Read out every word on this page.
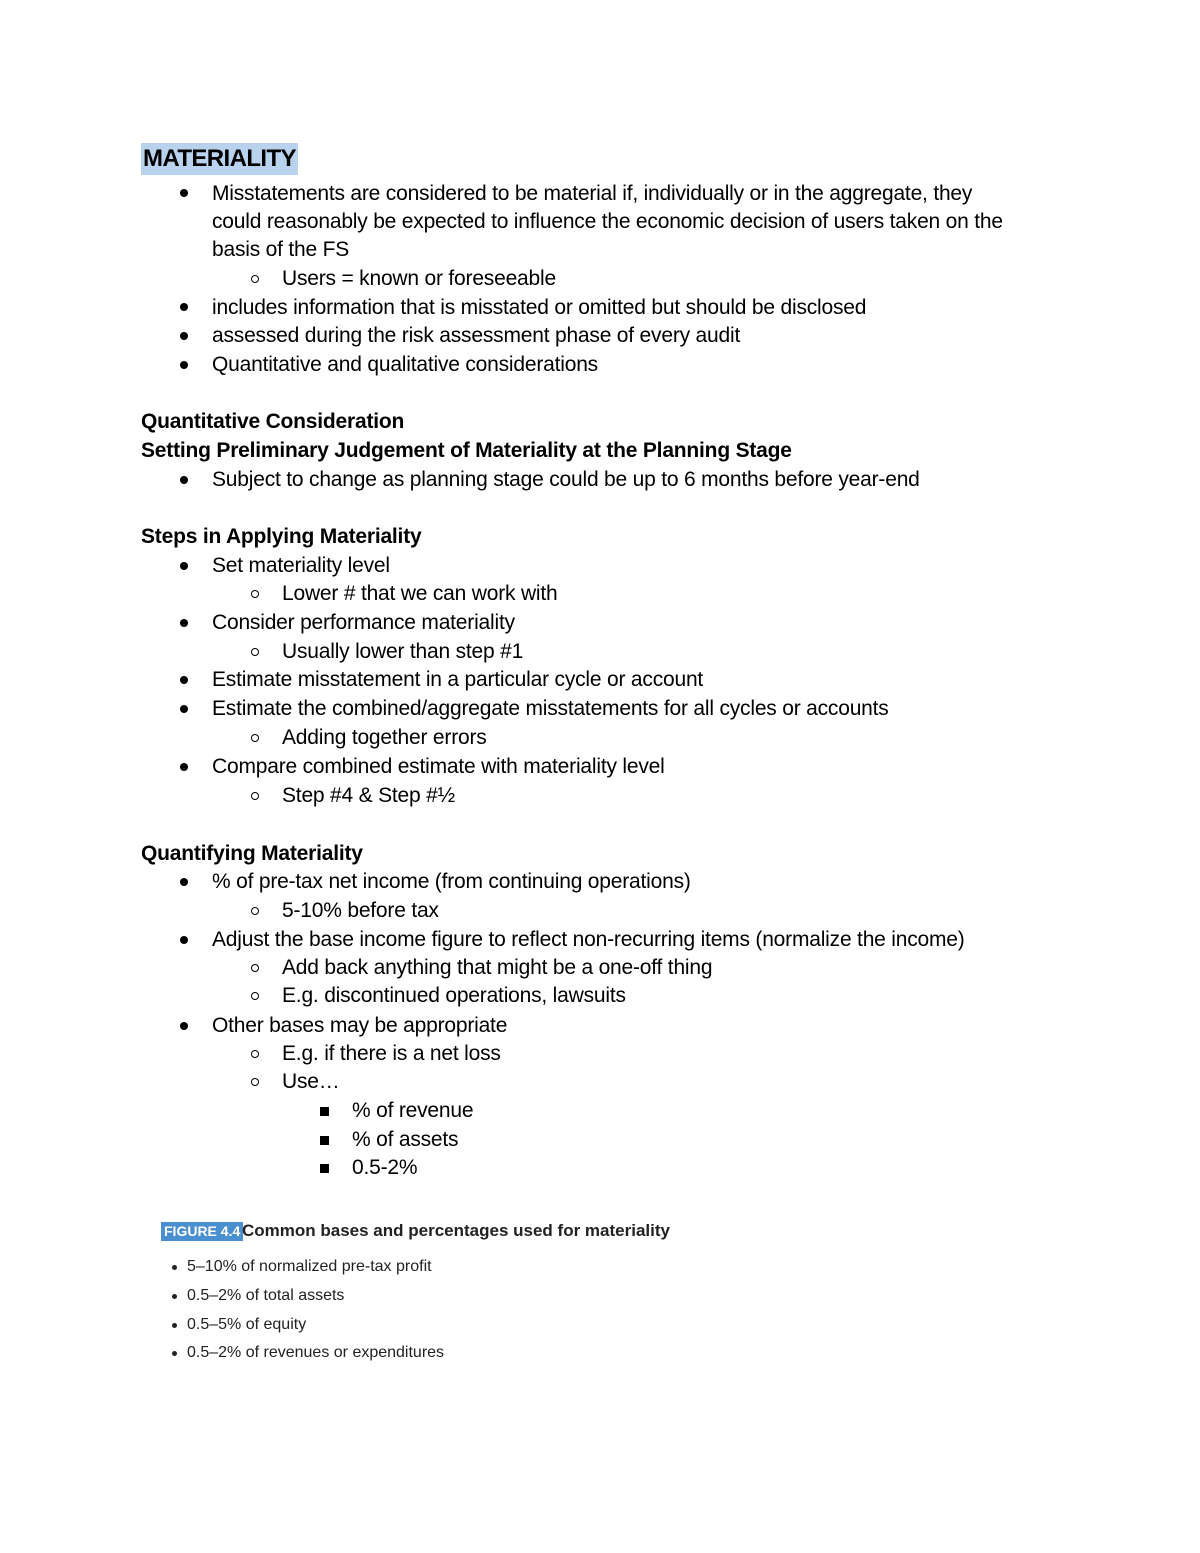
MATERIALITY
Misstatements are considered to be material if, individually or in the aggregate, they
could reasonably be expected to influence the economic decision of users taken on the
basis of the FS
Users = known or foreseeable
includes information that is misstated or omitted but should be disclosed
assessed during the risk assessment phase of every audit
Quantitative and qualitative considerations
Quantitative Consideration
Setting Preliminary Judgement of Materiality at the Planning Stage
Subject to change as planning stage could be up to 6 months before year-end
Steps in Applying Materiality
Set materiality level
Lower # that we can work with
Consider performance materiality
Usually lower than step #1
Estimate misstatement in a particular cycle or account
Estimate the combined/aggregate misstatements for all cycles or accounts
Adding together errors
Compare combined estimate with materiality level
Step #4 & Step #½
Quantifying Materiality
% of pre-tax net income (from continuing operations)
5-10% before tax
Adjust the base income figure to reflect non-recurring items (normalize the income)
Add back anything that might be a one-off thing
E.g. discontinued operations, lawsuits
Other bases may be appropriate
E.g. if there is a net loss
Use…
% of revenue
% of assets
0.5-2%
FIGURE 4.4 Common bases and percentages used for materiality
5–10% of normalized pre-tax profit
0.5–2% of total assets
0.5–5% of equity
0.5–2% of revenues or expenditures
